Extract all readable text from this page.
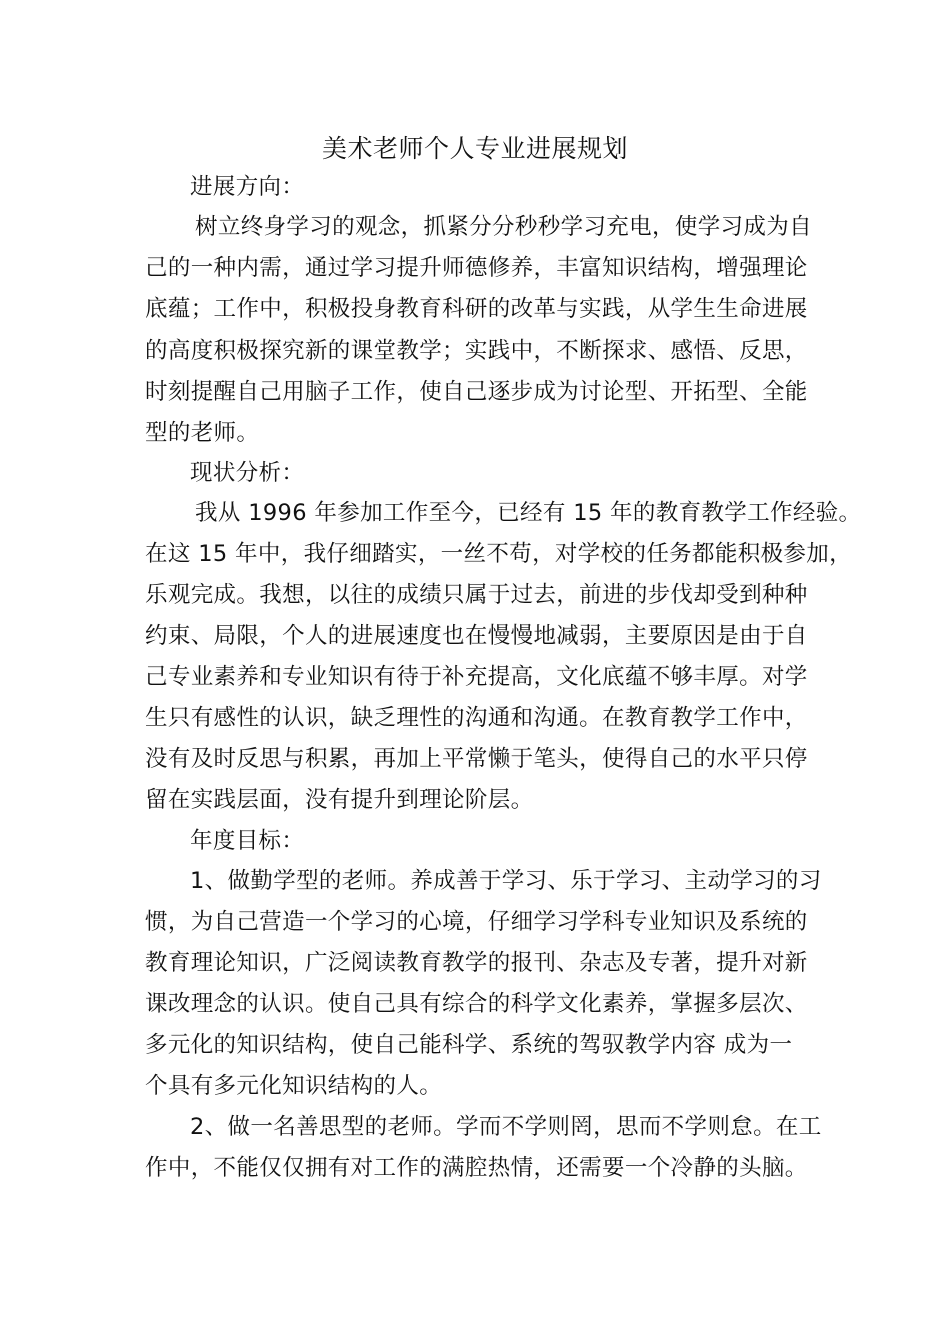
美术老师个人专业进展规划
进展方向：
树立终身学习的观念，抓紧分分秒秒学习充电，使学习成为自
己的一种内需，通过学习提升师德修养，丰富知识结构，增强理论
底蕴；工作中，积极投身教育科研的改革与实践，从学生生命进展
的高度积极探究新的课堂教学；实践中，不断探求、感悟、反思，
时刻提醒自己用脑子工作，使自己逐步成为讨论型、开拓型、全能
型的老师。
现状分析：
我从 1996 年参加工作至今，已经有 15 年的教育教学工作经验。
在这 15 年中，我仔细踏实，一丝不苟，对学校的任务都能积极参加，
乐观完成。我想，以往的成绩只属于过去，前进的步伐却受到种种
约束、局限，个人的进展速度也在慢慢地减弱，主要原因是由于自
己专业素养和专业知识有待于补充提高，文化底蕴不够丰厚。对学
生只有感性的认识，缺乏理性的沟通和沟通。在教育教学工作中，
没有及时反思与积累，再加上平常懒于笔头，使得自己的水平只停
留在实践层面，没有提升到理论阶层。
年度目标：
1、做勤学型的老师。养成善于学习、乐于学习、主动学习的习
惯，为自己营造一个学习的心境，仔细学习学科专业知识及系统的
教育理论知识，广泛阅读教育教学的报刊、杂志及专著，提升对新
课改理念的认识。使自己具有综合的科学文化素养，掌握多层次、
多元化的知识结构，使自己能科学、系统的驾驭教学内容 成为一
个具有多元化知识结构的人。
2、做一名善思型的老师。学而不学则罔，思而不学则怠。在工
作中，不能仅仅拥有对工作的满腔热情，还需要一个冷静的头脑。
